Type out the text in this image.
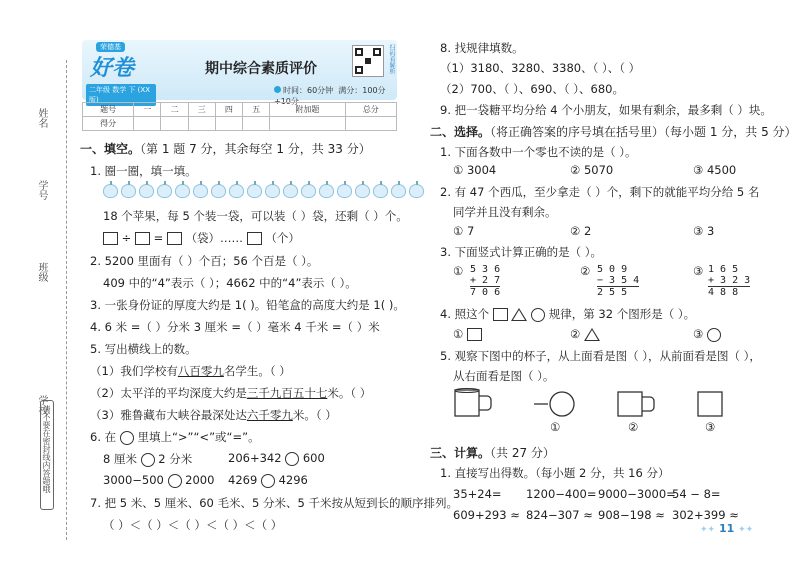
姓名
学号
班级
学校
请不要在密封线内答题哦
荣德基
好卷
二年级 数学 下 (XX版)
期中综合素质评价	扫码看解析
时间：60分钟 满分：100分+10分
题号	一	二	三	四	五	附加题	总分
得分							
一、填空。（第 1 题 7 分，其余每空 1 分，共 33 分）
1. 圈一圈，填一填。
18 个苹果，每 5 个装一袋，可以装（ ）袋，还剩（ ）个。
÷ = （袋）…… （个）
2. 5200 里面有（ ）个百；56 个百是（ ）。
409 中的“4”表示（ ）；4662 中的“4”表示（ ）。
3. 一张身份证的厚度大约是 1( )。铅笔盒的高度大约是 1( )。
4. 6 米 =（ ）分米 3 厘米 =（ ）毫米 4 千米 =（ ）米
5. 写出横线上的数。
（1）我们学校有八百零九名学生。（ ）
（2）太平洋的平均深度大约是三千九百五十七米。（ ）
（3）雅鲁藏布大峡谷最深处达六千零九米。（ ）
6. 在 里填上“>”“<”或“=”。
8 厘米 2 分米	206+342 600
3000−500 2000 4269 4296
7. 把 5 米、5 厘米、60 毛米、5 分米、5 千米按从短到长的顺序排列。
（ ）＜（ ）＜（ ）＜（ ）＜（ ）
8. 找规律填数。
（1）3180、3280、3380、（ ）、（ ）
（2）700、（ ）、690、（ ）、680。
9. 把一袋糖平均分给 4 个小朋友，如果有剩余，最多剩（ ）块。
二、选择。（将正确答案的序号填在括号里）（每小题 1 分，共 5 分）
1. 下面各数中一个零也不读的是（ ）。
① 3004	② 5070	③ 4500
2. 有 47 个西瓜，至少拿走（ ）个，剩下的就能平均分给 5 名
同学并且没有剩余。
① 7	② 2	③ 3
3. 下面竖式计算正确的是（ ）。
① 5 3 6
+ 2 7
7 0 6
② 5 0 9
− 3 5 4
2 5 5
③ 1 6 5
+ 3 2 3
4 8 8
4. 照这个	规律，第 32 个图形是（ ）。
①	②	③
5. 观察下图中的杯子，从上面看是图（ ），从前面看是图（ ），
从右面看是图（ ）。
①	②	③
三、计算。（共 27 分）
1. 直接写出得数。（每小题 2 分，共 16 分）
35+24= 1200−400= 9000−3000=
54 − 8=
609+293 ≈ 824−307 ≈ 908−198 ≈ 302+399 ≈
✦✦ 11 ✦✦
